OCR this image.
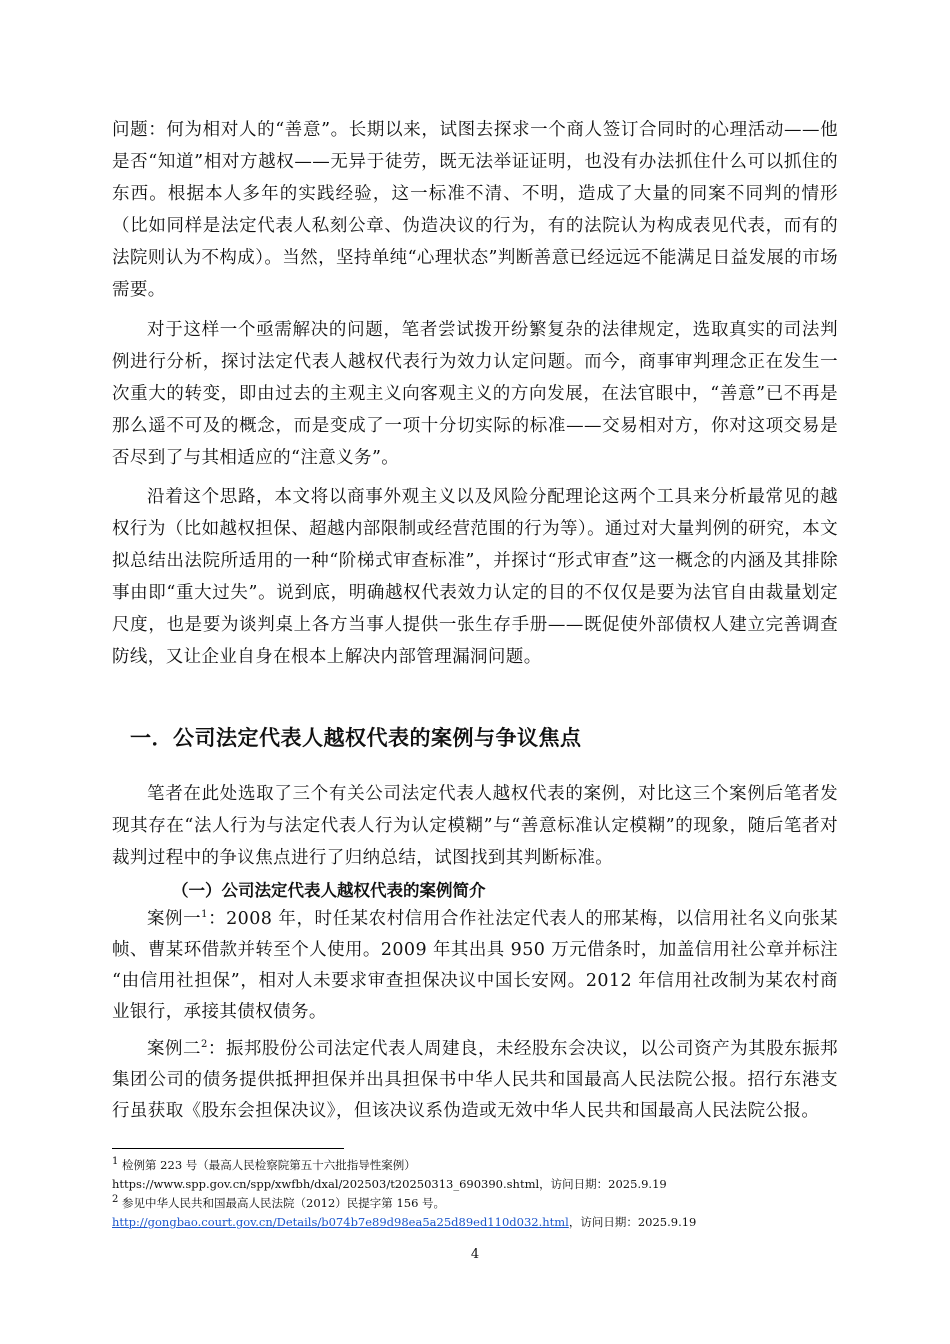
问题：何为相对人的“善意”。长期以来，试图去探求一个商人签订合同时的心理活动——他是否“知道”相对方越权——无异于徒劳，既无法举证证明，也没有办法抓住什么可以抓住的东西。根据本人多年的实践经验，这一标准不清、不明，造成了大量的同案不同判的情形（比如同样是法定代表人私刻公章、伪造决议的行为，有的法院认为构成表见代表，而有的法院则认为不构成）。当然，坚持单纯“心理状态”判断善意已经远远不能满足日益发展的市场需要。

对于这样一个亟需解决的问题，笔者尝试拨开纷繁复杂的法律规定，选取真实的司法判例进行分析，探讨法定代表人越权代表行为效力认定问题。而今，商事审判理念正在发生一次重大的转变，即由过去的主观主义向客观主义的方向发展，在法官眼中，“善意”已不再是那么遥不可及的概念，而是变成了一项十分切实际的标准——交易相对方，你对这项交易是否尽到了与其相适应的“注意义务”。

沿着这个思路，本文将以商事外观主义以及风险分配理论这两个工具来分析最常见的越权行为（比如越权担保、超越内部限制或经营范围的行为等）。通过对大量判例的研究，本文拟总结出法院所适用的一种“阶梯式审查标准”，并探讨“形式审查”这一概念的内涵及其排除事由即“重大过失”。说到底，明确越权代表效力认定的目的不仅仅是要为法官自由裁量划定尺度，也是要为谈判桌上各方当事人提供一张生存手册——既促使外部债权人建立完善调查防线，又让企业自身在根本上解决内部管理漏洞问题。

一．公司法定代表人越权代表的案例与争议焦点

笔者在此处选取了三个有关公司法定代表人越权代表的案例，对比这三个案例后笔者发现其存在“法人行为与法定代表人行为认定模糊”与“善意标准认定模糊”的现象，随后笔者对裁判过程中的争议焦点进行了归纳总结，试图找到其判断标准。

（一）公司法定代表人越权代表的案例简介

案例一$^1$：2008 年，时任某农村信用合作社法定代表人的邢某梅，以信用社名义向张某帧、曹某环借款并转至个人使用。2009 年其出具 950 万元借条时，加盖信用社公章并标注 “由信用社担保”，相对人未要求审查担保决议中国长安网。2012 年信用社改制为某农村商业银行，承接其债权债务。

案例二$^2$：振邦股份公司法定代表人周建良，未经股东会决议，以公司资产为其股东振邦集团公司的债务提供抵押担保并出具担保书中华人民共和国最高人民法院公报。招行东港支行虽获取《股东会担保决议》，但该决议系伪造或无效中华人民共和国最高人民法院公报。

$^1$ 检例第 223 号（最高人民检察院第五十六批指导性案例）
https://www.spp.gov.cn/spp/xwfbh/dxal/202503/t20250313_690390.shtml，访问日期：2025.9.19

$^2$ 参见中华人民共和国最高人民法院（2012）民提字第 156 号。
http://gongbao.court.gov.cn/Details/b074b7e89d98ea5a25d89ed110d032.html，访问日期：2025.9.19

4
